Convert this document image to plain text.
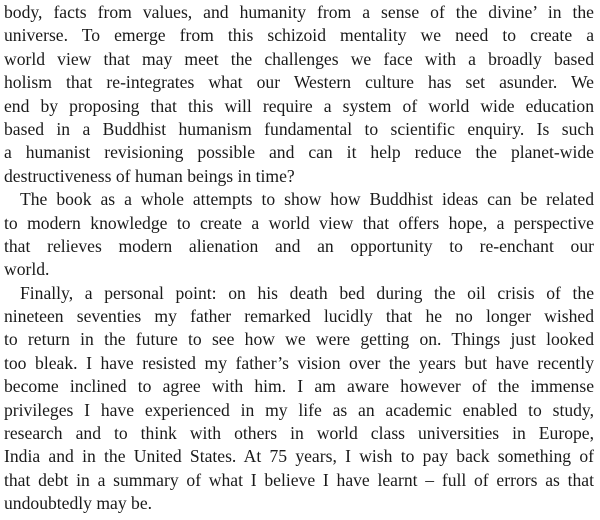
body, facts from values, and humanity from a sense of the divine’ in the
universe. To emerge from this schizoid mentality we need to create a
world view that may meet the challenges we face with a broadly based
holism that re-integrates what our Western culture has set asunder. We
end by proposing that this will require a system of world wide education
based in a Buddhist humanism fundamental to scientific enquiry. Is such
a humanist revisioning possible and can it help reduce the planet-wide
destructiveness of human beings in time?
The book as a whole attempts to show how Buddhist ideas can be related
to modern knowledge to create a world view that offers hope, a perspective
that relieves modern alienation and an opportunity to re-enchant our
world.
Finally, a personal point: on his death bed during the oil crisis of the
nineteen seventies my father remarked lucidly that he no longer wished
to return in the future to see how we were getting on. Things just looked
too bleak. I have resisted my father’s vision over the years but have recently
become inclined to agree with him. I am aware however of the immense
privileges I have experienced in my life as an academic enabled to study,
research and to think with others in world class universities in Europe,
India and in the United States. At 75 years, I wish to pay back something of
that debt in a summary of what I believe I have learnt – full of errors as that
undoubtedly may be.
